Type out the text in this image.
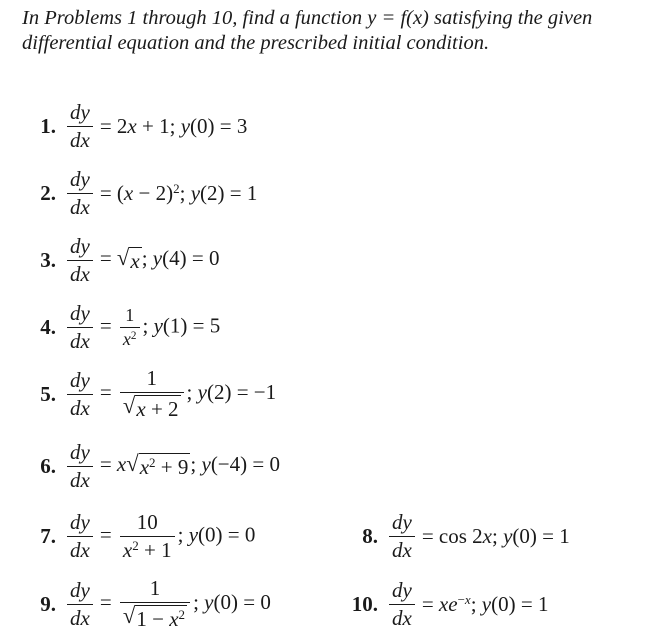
In Problems 1 through 10, find a function y = f(x) satisfying the given differential equation and the prescribed initial condition.
1. $\frac{dy}{dx} = 2x + 1$; y(0) = 3
2. $\frac{dy}{dx} = (x - 2)^2$; y(2) = 1
3. $\frac{dy}{dx}$ = √ x ; y(4) = 0
4. $\frac{dy}{dx} = \frac{1}{x^2}$ ; y(1) = 5
5. $\frac{dy}{dx} = \frac{1}{√ x + 2}$ ; y(2) = −1
6. $\frac{dy}{dx} = x$ √ $x^2 + 9$ ; y(−4) = 0
7. $\frac{dy}{dx} = \frac{10}{x^2 + 1}$ ; y(0) = 0	8. $\frac{dy}{dx} = \cos 2x$; y(0) = 1
9. $\frac{dy}{dx} = \frac{1}{√ 1 - x^2}$ ; y(0) = 0	10. $\frac{dy}{dx} = xe^{-x}$; y(0) = 1
